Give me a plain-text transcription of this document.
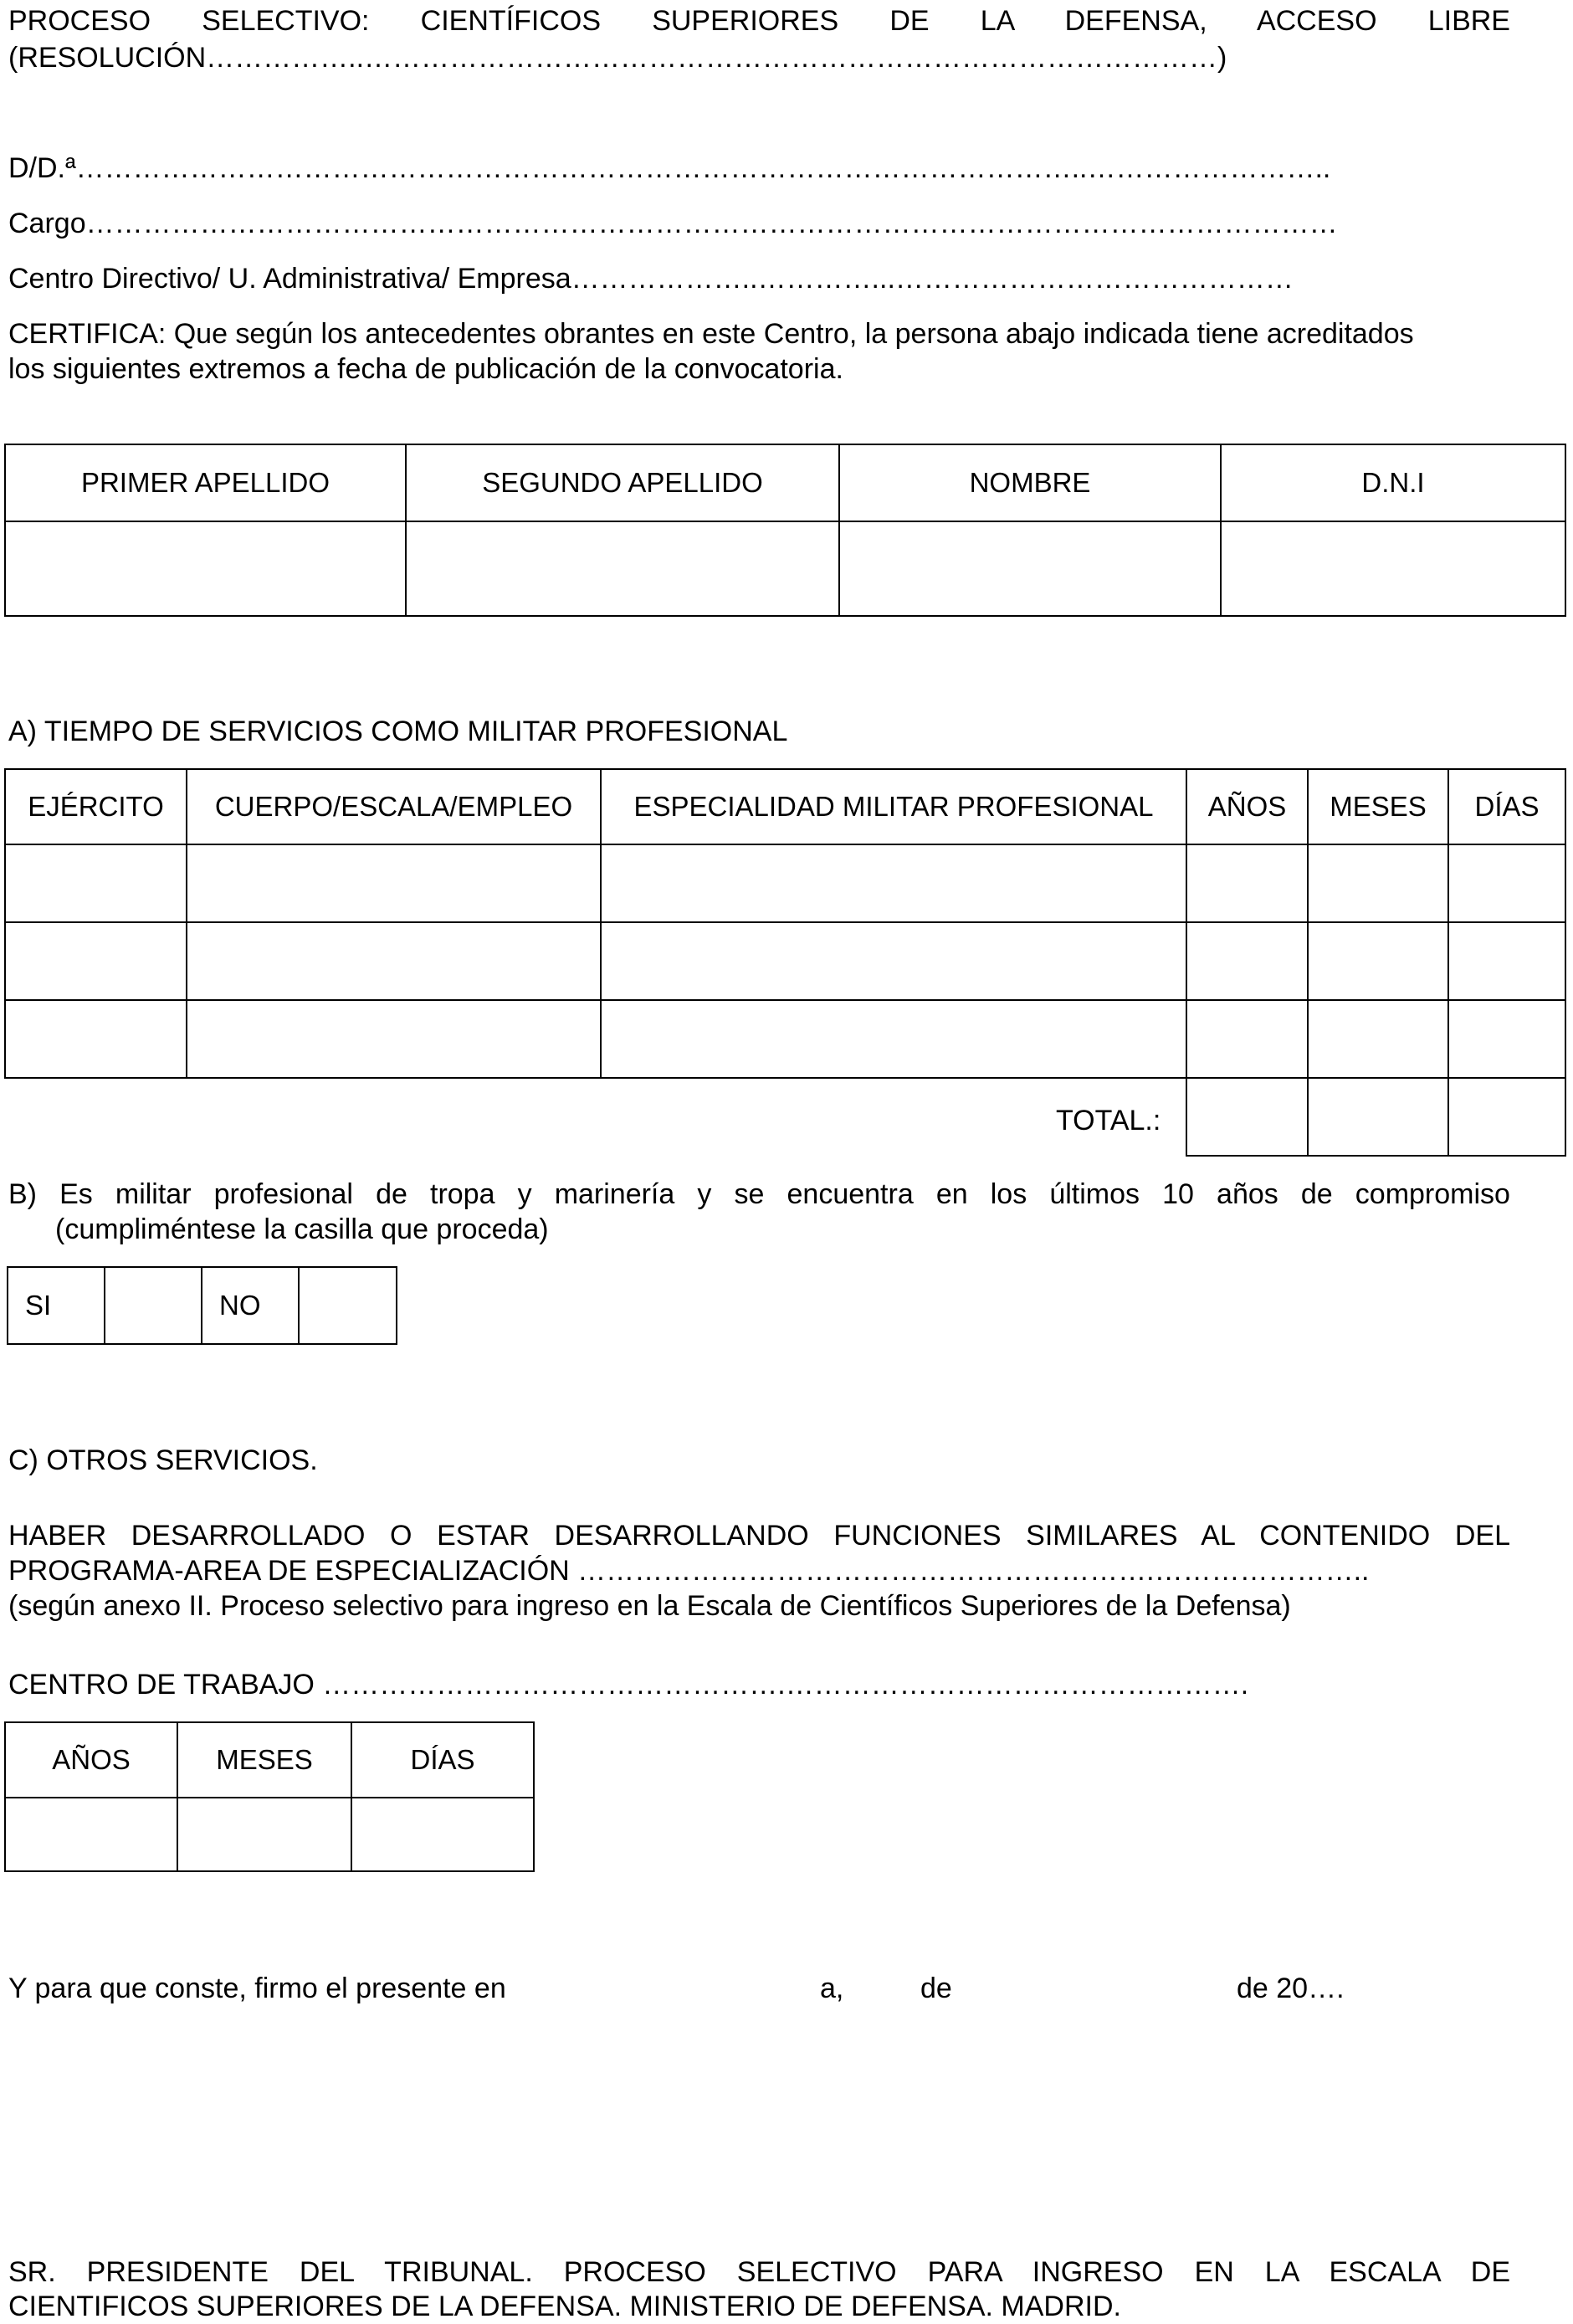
PROCESO SELECTIVO: CIENTÍFICOS SUPERIORES DE LA DEFENSA, ACCESO LIBRE
(RESOLUCIÓN……………..………………………………………………………………………………)
D/D.ª……………………………………………………………………………………………..……………………..
Cargo……………………………………………………………………………………………………………………
Centro Directivo/ U. Administrativa/ Empresa………………..…………...……………………………………
CERTIFICA: Que según los antecedentes obrantes en este Centro, la persona abajo indicada tiene acreditados
los siguientes extremos a fecha de publicación de la convocatoria.
PRIMER APELLIDO	SEGUNDO APELLIDO	NOMBRE	D.N.I

A) TIEMPO DE SERVICIOS COMO MILITAR PROFESIONAL
EJÉRCITO	CUERPO/ESCALA/EMPLEO	ESPECIALIDAD MILITAR PROFESIONAL	AÑOS	MESES	DÍAS

TOTAL.:
B) Es militar profesional de tropa y marinería y se encuentra en los últimos 10 años de compromiso
(cumpliméntese la casilla que proceda)
SI		NO	
C) OTROS SERVICIOS.
HABER DESARROLLADO O ESTAR DESARROLLANDO FUNCIONES SIMILARES AL CONTENIDO DEL
PROGRAMA-AREA DE ESPECIALIZACIÓN …………………………………………………….…………………..
(según anexo II. Proceso selectivo para ingreso en la Escala de Científicos Superiores de la Defensa)
CENTRO DE TRABAJO ………………………………………….………………………………………….
AÑOS	MESES	DÍAS

Y para que conste, firmo el presente en	a,	de	de 20….
SR. PRESIDENTE DEL TRIBUNAL. PROCESO SELECTIVO PARA INGRESO EN LA ESCALA DE
CIENTIFICOS SUPERIORES DE LA DEFENSA. MINISTERIO DE DEFENSA. MADRID.
